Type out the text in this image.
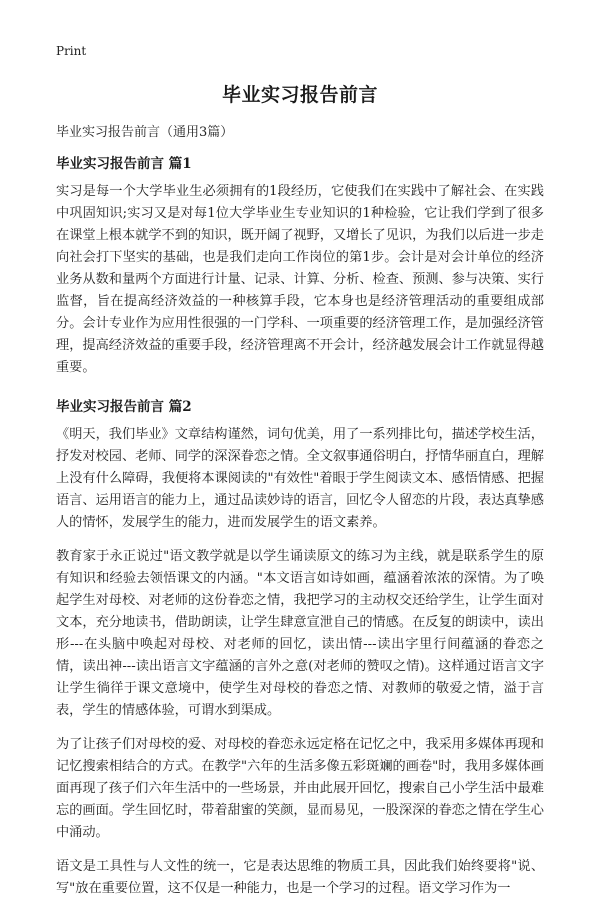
Print
毕业实习报告前言
毕业实习报告前言（通用3篇）
毕业实习报告前言 篇1

实习是每一个大学毕业生必须拥有的1段经历，它使我们在实践中了解社会、在实践中巩固知识;实习又是对每1位大学毕业生专业知识的1种检验，它让我们学到了很多在课堂上根本就学不到的知识，既开阔了视野，又增长了见识，为我们以后进一步走向社会打下坚实的基础，也是我们走向工作岗位的第1步。会计是对会计单位的经济业务从数和量两个方面进行计量、记录、计算、分析、检查、预测、参与决策、实行监督，旨在提高经济效益的一种核算手段，它本身也是经济管理活动的重要组成部分。会计专业作为应用性很强的一门学科、一项重要的经济管理工作，是加强经济管理，提高经济效益的重要手段，经济管理离不开会计，经济越发展会计工作就显得越重要。

毕业实习报告前言 篇2

《明天，我们毕业》文章结构谨然，词句优美，用了一系列排比句，描述学校生活，抒发对校园、老师、同学的深深眷恋之情。全文叙事通俗明白，抒情华丽直白，理解上没有什么障碍，我便将本课阅读的"有效性"着眼于学生阅读文本、感悟情感、把握语言、运用语言的能力上，通过品读妙诗的语言，回忆令人留恋的片段，表达真挚感人的情怀，发展学生的能力，进而发展学生的语文素养。

教育家于永正说过"语文教学就是以学生诵读原文的练习为主线，就是联系学生的原有知识和经验去领悟课文的内涵。"本文语言如诗如画，蕴涵着浓浓的深情。为了唤起学生对母校、对老师的这份眷恋之情，我把学习的主动权交还给学生，让学生面对文本，充分地读书，借助朗读，让学生肆意宣泄自己的情感。在反复的朗读中，读出形---在头脑中唤起对母校、对老师的回忆，读出情---读出字里行间蕴涵的眷恋之情，读出神---读出语言文字蕴涵的言外之意(对老师的赞叹之情)。这样通过语言文字让学生徜徉于课文意境中，使学生对母校的眷恋之情、对教师的敬爱之情，溢于言表，学生的情感体验，可谓水到渠成。

为了让孩子们对母校的爱、对母校的眷恋永远定格在记忆之中，我采用多媒体再现和记忆搜索相结合的方式。在教学"六年的生活多像五彩斑斓的画卷"时，我用多媒体画面再现了孩子们六年生活中的一些场景，并由此展开回忆，搜索自己小学生活中最难忘的画面。学生回忆时，带着甜蜜的笑颜，显而易见，一股深深的眷恋之情在学生心中涌动。

语文是工具性与人文性的统一，它是表达思维的物质工具，因此我们始终要将"说、写"放在重要位置，这不仅是一种能力，也是一个学习的过程。语文学习作为一
